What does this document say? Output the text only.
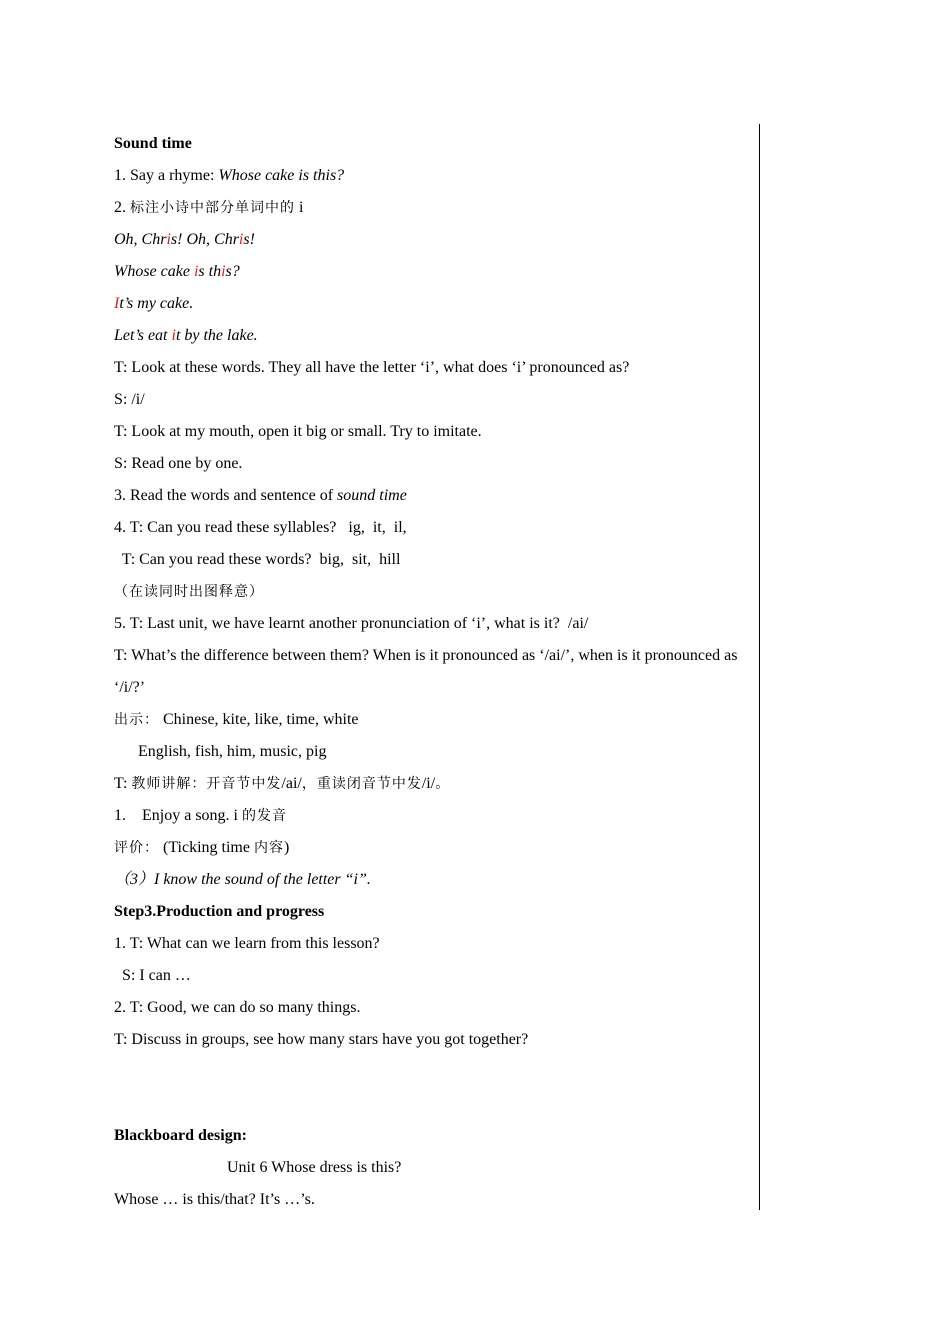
Sound time
1. Say a rhyme: Whose cake is this?
2. 标注小诗中部分单词中的 i
Oh, Chris! Oh, Chris!
Whose cake is this?
It’s my cake.
Let’s eat it by the lake.
T: Look at these words. They all have the letter ‘i’, what does ‘i’ pronounced as?
S: /i/
T: Look at my mouth, open it big or small. Try to imitate.
S: Read one by one.
3. Read the words and sentence of sound time
4. T: Can you read these syllables?   ig,  it,  il,
T: Can you read these words?  big,  sit,  hill
（在读同时出图释意）
5. T: Last unit, we have learnt another pronunciation of ‘i’, what is it?  /ai/
T: What’s the difference between them? When is it pronounced as ‘/ai/’, when is it pronounced as ‘/i/?’
出示： Chinese, kite, like, time, white
English, fish, him, music, pig
T: 教师讲解：开音节中发/ai/，重读闭音节中发/i/。
1.    Enjoy a song. i 的发音
评价： (Ticking time 内容)
（3）I know the sound of the letter “i”.
Step3.Production and progress
1. T: What can we learn from this lesson?
S: I can …
2. T: Good, we can do so many things.
T: Discuss in groups, see how many stars have you got together?
Blackboard design:
Unit 6 Whose dress is this?
Whose … is this/that? It’s …’s.
